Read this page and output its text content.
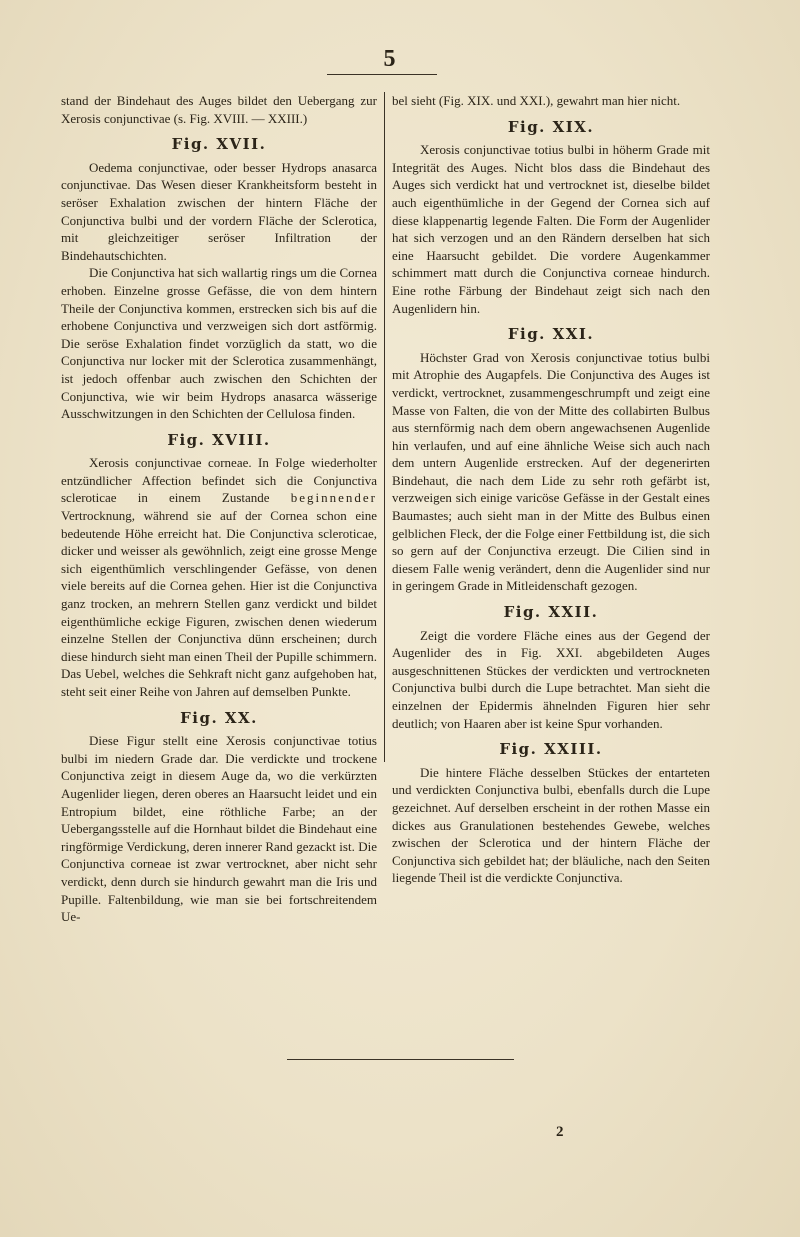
5

stand der Bindehaut des Auges bildet den Uebergang zur Xerosis conjunctivae (s. Fig. XVIII. — XXIII.)

Fig. XVII.

Oedema conjunctivae, oder besser Hydrops anasarca conjunctivae. Das Wesen dieser Krankheitsform besteht in seröser Exhalation zwischen der hintern Fläche der Conjunctiva bulbi und der vordern Fläche der Sclerotica, mit gleichzeitiger seröser Infiltration der Bindehautschichten.

Die Conjunctiva hat sich wallartig rings um die Cornea erhoben. Einzelne grosse Gefässe, die von dem hintern Theile der Conjunctiva kommen, erstrecken sich bis auf die erhobene Conjunctiva und verzweigen sich dort astförmig. Die seröse Exhalation findet vorzüglich da statt, wo die Conjunctiva nur locker mit der Sclerotica zusammenhängt, ist jedoch offenbar auch zwischen den Schichten der Conjunctiva, wie wir beim Hydrops anasarca wässerige Ausschwitzungen in den Schichten der Cellulosa finden.

Fig. XVIII.

Xerosis conjunctivae corneae. In Folge wiederholter entzündlicher Affection befindet sich die Conjunctiva scleroticae in einem Zustande beginnender Vertrocknung, während sie auf der Cornea schon eine bedeutende Höhe erreicht hat. Die Conjunctiva scleroticae, dicker und weisser als gewöhnlich, zeigt eine grosse Menge sich eigenthümlich verschlingender Gefässe, von denen viele bereits auf die Cornea gehen. Hier ist die Conjunctiva ganz trocken, an mehrern Stellen ganz verdickt und bildet eigenthümliche eckige Figuren, zwischen denen wiederum einzelne Stellen der Conjunctiva dünn erscheinen; durch diese hindurch sieht man einen Theil der Pupille schimmern. Das Uebel, welches die Sehkraft nicht ganz aufgehoben hat, steht seit einer Reihe von Jahren auf demselben Punkte.

Fig. XX.

Diese Figur stellt eine Xerosis conjunctivae totius bulbi im niedern Grade dar. Die verdickte und trockene Conjunctiva zeigt in diesem Auge da, wo die verkürzten Augenlider liegen, deren oberes an Haarsucht leidet und ein Entropium bildet, eine röthliche Farbe; an der Uebergangsstelle auf die Hornhaut bildet die Bindehaut eine ringförmige Verdickung, deren innerer Rand gezackt ist. Die Conjunctiva corneae ist zwar vertrocknet, aber nicht sehr verdickt, denn durch sie hindurch gewahrt man die Iris und Pupille. Faltenbildung, wie man sie bei fortschreitendem Ue-

bel sieht (Fig. XIX. und XXI.), gewahrt man hier nicht.

Fig. XIX.

Xerosis conjunctivae totius bulbi in höherm Grade mit Integrität des Auges. Nicht blos dass die Bindehaut des Auges sich verdickt hat und vertrocknet ist, dieselbe bildet auch eigenthümliche in der Gegend der Cornea sich auf diese klappenartig legende Falten. Die Form der Augenlider hat sich verzogen und an den Rändern derselben hat sich eine Haarsucht gebildet. Die vordere Augenkammer schimmert matt durch die Conjunctiva corneae hindurch. Eine rothe Färbung der Bindehaut zeigt sich nach den Augenlidern hin.

Fig. XXI.

Höchster Grad von Xerosis conjunctivae totius bulbi mit Atrophie des Augapfels. Die Conjunctiva des Auges ist verdickt, vertrocknet, zusammengeschrumpft und zeigt eine Masse von Falten, die von der Mitte des collabirten Bulbus aus sternförmig nach dem obern angewachsenen Augenlide hin verlaufen, und auf eine ähnliche Weise sich auch nach dem untern Augenlide erstrecken. Auf der degenerirten Bindehaut, die nach dem Lide zu sehr roth gefärbt ist, verzweigen sich einige varicöse Gefässe in der Gestalt eines Baumastes; auch sieht man in der Mitte des Bulbus einen gelblichen Fleck, der die Folge einer Fettbildung ist, die sich so gern auf der Conjunctiva erzeugt. Die Cilien sind in diesem Falle wenig verändert, denn die Augenlider sind nur in geringem Grade in Mitleidenschaft gezogen.

Fig. XXII.

Zeigt die vordere Fläche eines aus der Gegend der Augenlider des in Fig. XXI. abgebildeten Auges ausgeschnittenen Stückes der verdickten und vertrockneten Conjunctiva bulbi durch die Lupe betrachtet. Man sieht die einzelnen der Epidermis ähnelnden Figuren hier sehr deutlich; von Haaren aber ist keine Spur vorhanden.

Fig. XXIII.

Die hintere Fläche desselben Stückes der entarteten und verdickten Conjunctiva bulbi, ebenfalls durch die Lupe gezeichnet. Auf derselben erscheint in der rothen Masse ein dickes aus Granulationen bestehendes Gewebe, welches zwischen der Sclerotica und der hintern Fläche der Conjunctiva sich gebildet hat; der bläuliche, nach den Seiten liegende Theil ist die verdickte Conjunctiva.

2
